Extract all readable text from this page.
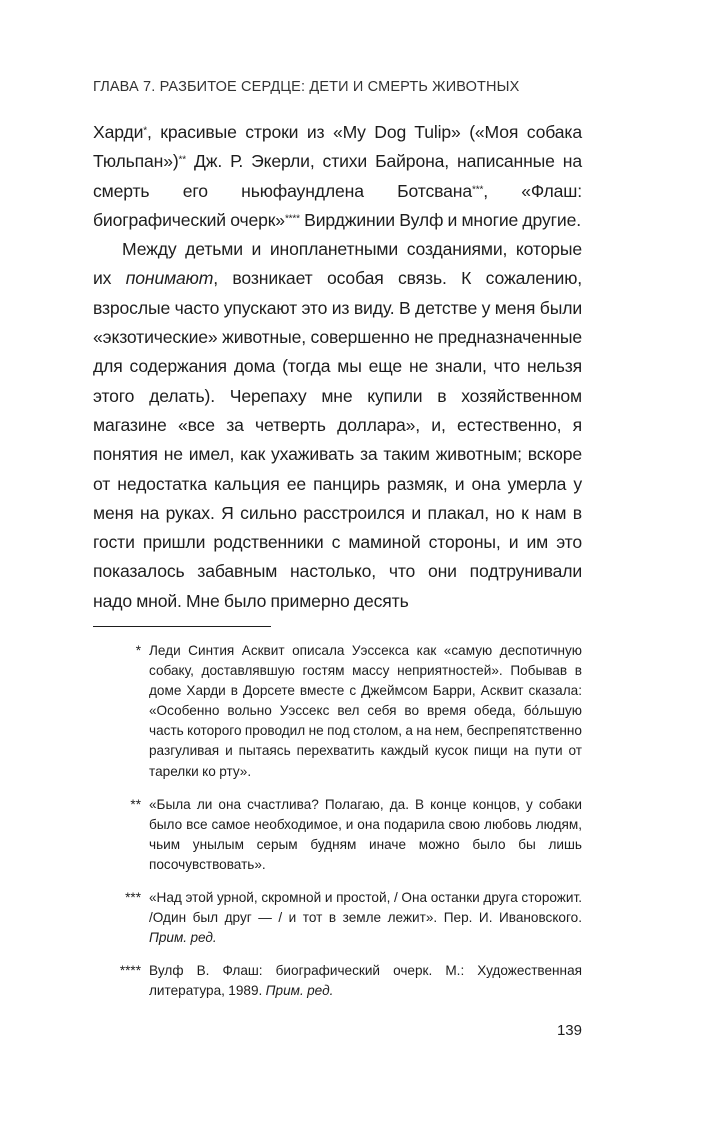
ГЛАВА 7. РАЗБИТОЕ СЕРДЦЕ: ДЕТИ И СМЕРТЬ ЖИВОТНЫХ

Харди*, красивые строки из «My Dog Tulip» («Моя собака Тюльпан»)** Дж. Р. Экерли, стихи Байрона, написанные на смерть его ньюфаундлена Ботсвана***, «Флаш: биографический очерк»**** Вирджинии Вулф и многие другие.

Между детьми и инопланетными созданиями, которые их понимают, возникает особая связь. К сожалению, взрослые часто упускают это из виду. В детстве у меня были «экзотические» животные, совершенно не предназначенные для содержания дома (тогда мы еще не знали, что нельзя этого делать). Черепаху мне купили в хозяйственном магазине «все за четверть доллара», и, естественно, я понятия не имел, как ухаживать за таким животным; вскоре от недостатка кальция ее панцирь размяк, и она умерла у меня на руках. Я сильно расстроился и плакал, но к нам в гости пришли родственники с маминой стороны, и им это показалось забавным настолько, что они подтрунивали надо мной. Мне было примерно десять

* Леди Синтия Асквит описала Уэссекса как «самую деспотичную собаку, доставлявшую гостям массу неприятностей». Побывав в доме Харди в Дорсете вместе с Джеймсом Барри, Асквит сказала: «Особенно вольно Уэссекс вел себя во время обеда, бо́льшую часть которого проводил не под столом, а на нем, беспрепятственно разгуливая и пытаясь перехватить каждый кусок пищи на пути от тарелки ко рту».
** «Была ли она счастлива? Полагаю, да. В конце концов, у собаки было все самое необходимое, и она подарила свою любовь людям, чьим унылым серым будням иначе можно было бы лишь посочувствовать».
*** «Над этой урной, скромной и простой, / Она останки друга сторожит. /Один был друг — / и тот в земле лежит». Пер. И. Ивановского. Прим. ред.
**** Вулф В. Флаш: биографический очерк. М.: Художественная литература, 1989. Прим. ред.
139
